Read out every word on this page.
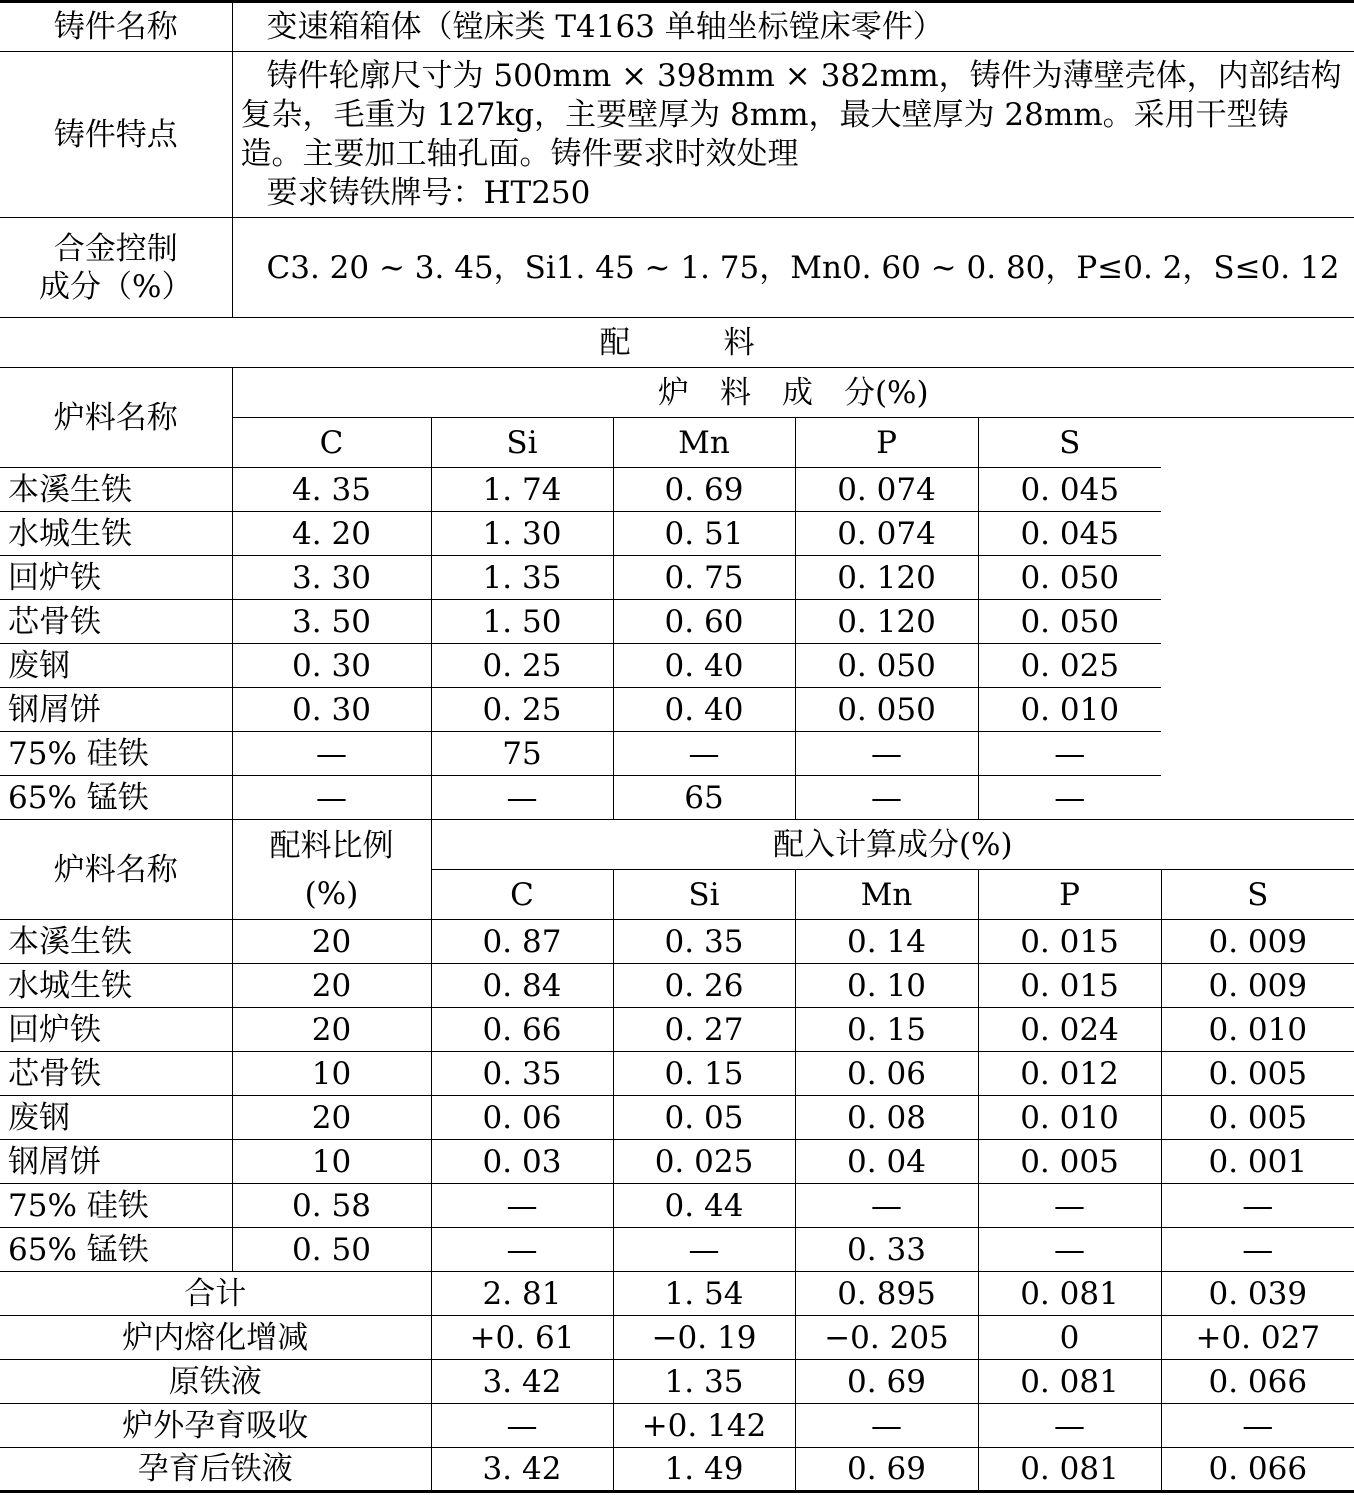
铸件名称	变速箱箱体（镗床类 T4163 单轴坐标镗床零件）					
铸件特点	铸件轮廓尺寸为 500mm × 398mm × 382mm，铸件为薄壁壳体，内部结构复杂，毛重为 127kg，主要壁厚为 8mm，最大壁厚为 28mm。采用干型铸造。主要加工轴孔面。铸件要求时效处理
要求铸铁牌号：HT250					

合金控制
成分（%）	C3. 20 ~ 3. 45，Si1. 45 ~ 1. 75，Mn0. 60 ~ 0. 80，P≤0. 2，S≤0. 12					
配　　　料						
炉料名称	炉　料　成　分(%)					
	C	Si	Mn	P	S	
本溪生铁	4. 35	1. 74	0. 69	0. 074	0. 045	
水城生铁	4. 20	1. 30	0. 51	0. 074	0. 045	
回炉铁	3. 30	1. 35	0. 75	0. 120	0. 050	
芯骨铁	3. 50	1. 50	0. 60	0. 120	0. 050	
废钢	0. 30	0. 25	0. 40	0. 050	0. 025	
钢屑饼	0. 30	0. 25	0. 40	0. 050	0. 010	
75% 硅铁	—	75	—	—	—	
65% 锰铁	—	—	65	—	—	
炉料名称	配料比例
(%)	配入计算成分(%)				
		C	Si	Mn	P	S
本溪生铁	20	0. 87	0. 35	0. 14	0. 015	0. 009
水城生铁	20	0. 84	0. 26	0. 10	0. 015	0. 009
回炉铁	20	0. 66	0. 27	0. 15	0. 024	0. 010
芯骨铁	10	0. 35	0. 15	0. 06	0. 012	0. 005
废钢	20	0. 06	0. 05	0. 08	0. 010	0. 005
钢屑饼	10	0. 03	0. 025	0. 04	0. 005	0. 001
75% 硅铁	0. 58	—	0. 44	—	—	—
65% 锰铁	0. 50	—	—	0. 33	—	—
合计		2. 81	1. 54	0. 895	0. 081	0. 039
炉内熔化增减		+0. 61	−0. 19	−0. 205	0	+0. 027
原铁液		3. 42	1. 35	0. 69	0. 081	0. 066
炉外孕育吸收		—	+0. 142	—	—	—
孕育后铁液		3. 42	1. 49	0. 69	0. 081	0. 066
